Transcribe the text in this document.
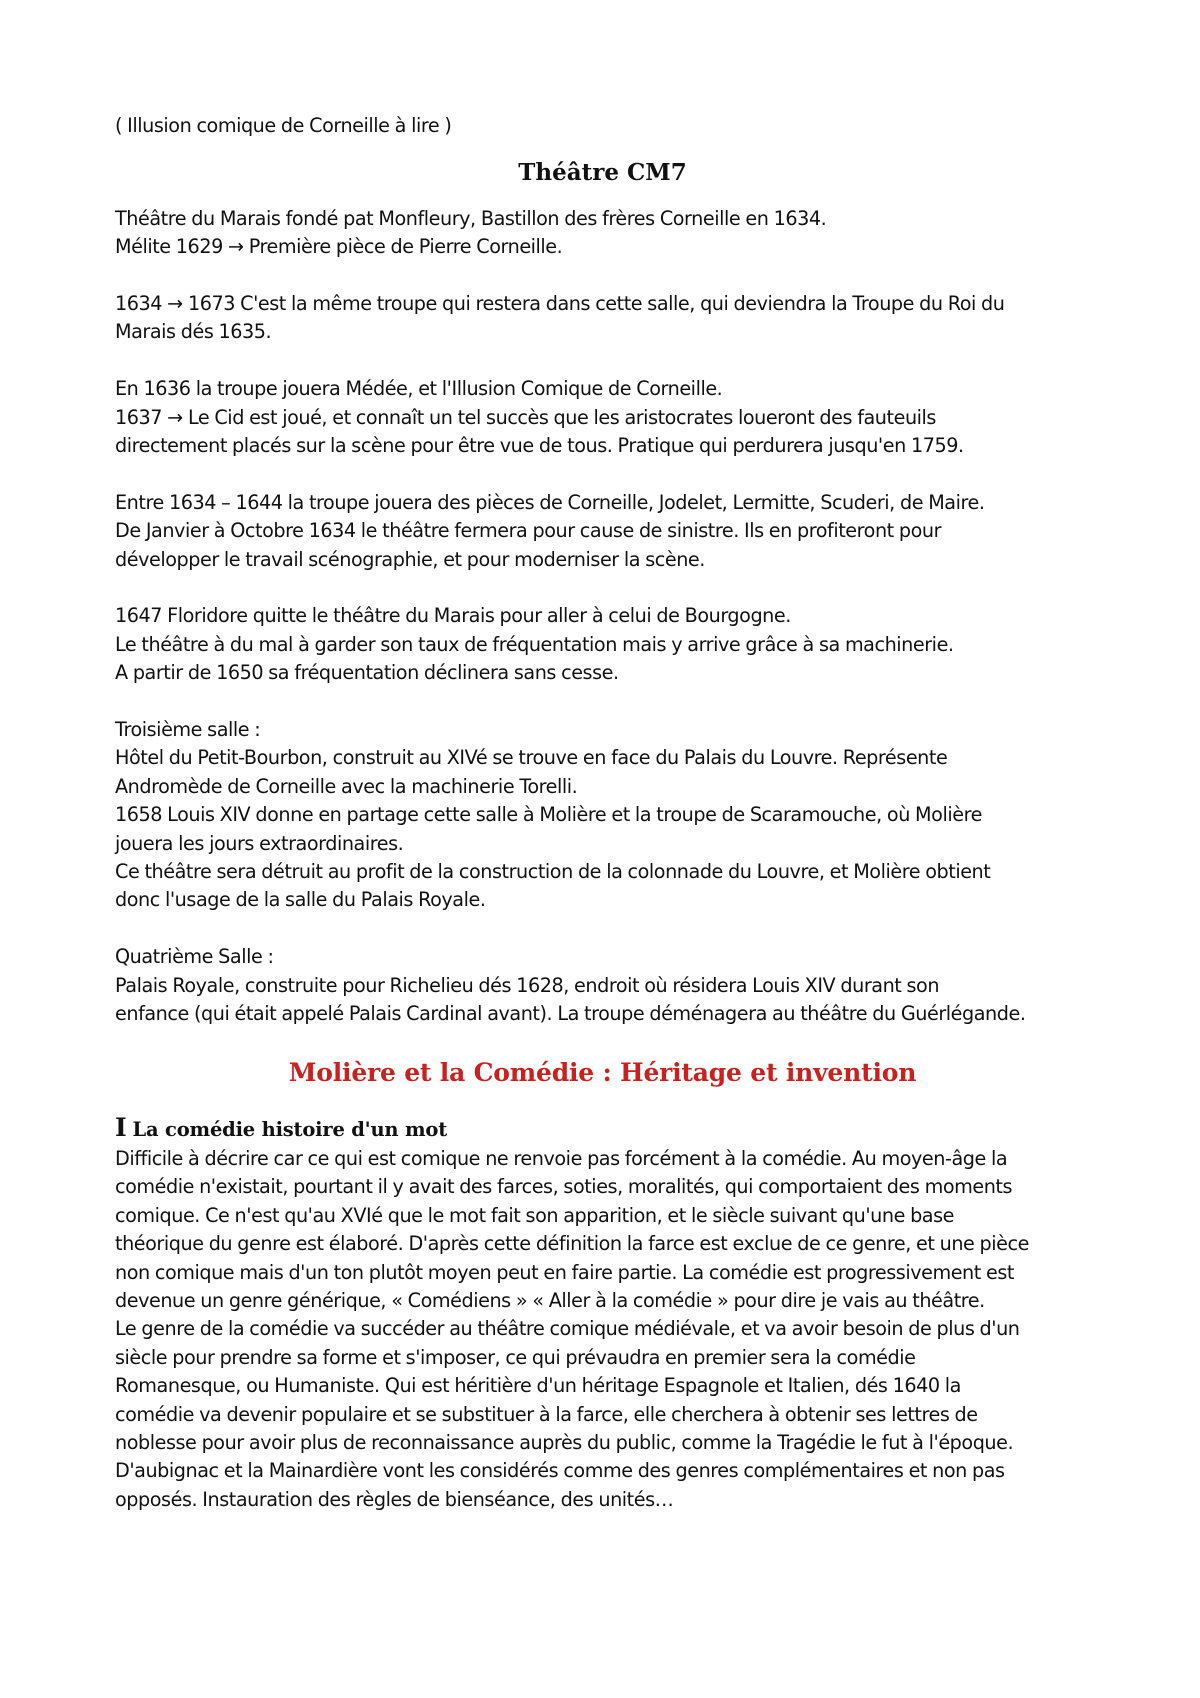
( Illusion comique de Corneille à lire )
Théâtre CM7
Théâtre du Marais fondé pat Monfleury, Bastillon des frères Corneille en 1634.
Mélite 1629 → Première pièce de Pierre Corneille.
1634 → 1673 C'est la même troupe qui restera dans cette salle, qui deviendra la Troupe du Roi du
Marais dés 1635.
En 1636 la troupe jouera Médée, et l'Illusion Comique de Corneille.
1637 → Le Cid est joué, et connaît un tel succès que les aristocrates loueront des fauteuils
directement placés sur la scène pour être vue de tous. Pratique qui perdurera jusqu'en 1759.
Entre 1634 – 1644 la troupe jouera des pièces de Corneille, Jodelet, Lermitte, Scuderi, de Maire.
De Janvier à Octobre 1634 le théâtre fermera pour cause de sinistre. Ils en profiteront pour
développer le travail scénographie, et pour moderniser la scène.
1647 Floridore quitte le théâtre du Marais pour aller à celui de Bourgogne.
Le théâtre à du mal à garder son taux de fréquentation mais y arrive grâce à sa machinerie.
A partir de 1650 sa fréquentation déclinera sans cesse.
Troisième salle :
Hôtel du Petit-Bourbon, construit au XIVé se trouve en face du Palais du Louvre. Représente
Andromède de Corneille avec la machinerie Torelli.
1658 Louis XIV donne en partage cette salle à Molière et la troupe de Scaramouche, où Molière
jouera les jours extraordinaires.
Ce théâtre sera détruit au profit de la construction de la colonnade du Louvre, et Molière obtient
donc l'usage de la salle du Palais Royale.
Quatrième Salle :
Palais Royale, construite pour Richelieu dés 1628, endroit où résidera Louis XIV durant son
enfance (qui était appelé Palais Cardinal avant). La troupe déménagera au théâtre du Guérlégande.
Molière et la Comédie : Héritage et invention
I La comédie histoire d'un mot
Difficile à décrire car ce qui est comique ne renvoie pas forcément à la comédie. Au moyen-âge la
comédie n'existait, pourtant il y avait des farces, soties, moralités, qui comportaient des moments
comique. Ce n'est qu'au XVIé que le mot fait son apparition, et le siècle suivant qu'une base
théorique du genre est élaboré. D'après cette définition la farce est exclue de ce genre, et une pièce
non comique mais d'un ton plutôt moyen peut en faire partie. La comédie est progressivement est
devenue un genre générique, « Comédiens » « Aller à la comédie » pour dire je vais au théâtre.
Le genre de la comédie va succéder au théâtre comique médiévale, et va avoir besoin de plus d'un
siècle pour prendre sa forme et s'imposer, ce qui prévaudra en premier sera la comédie
Romanesque, ou Humaniste. Qui est héritière d'un héritage Espagnole et Italien, dés 1640 la
comédie va devenir populaire et se substituer à la farce, elle cherchera à obtenir ses lettres de
noblesse pour avoir plus de reconnaissance auprès du public, comme la Tragédie le fut à l'époque.
D'aubignac et la Mainardière vont les considérés comme des genres complémentaires et non pas
opposés. Instauration des règles de bienséance, des unités…
